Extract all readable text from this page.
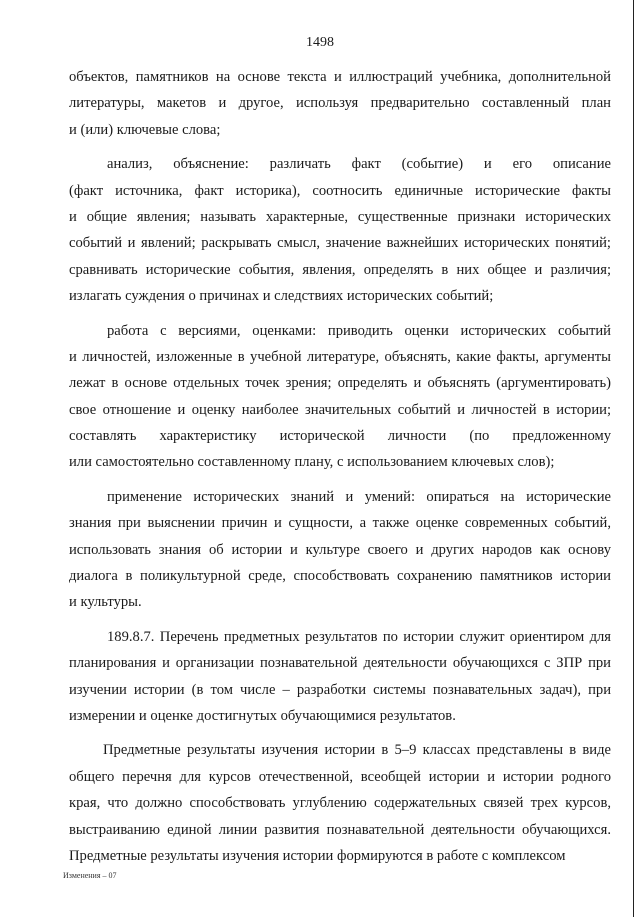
1498
объектов, памятников на основе текста и иллюстраций учебника, дополнительной
литературы, макетов и другое, используя предварительно составленный план
и (или) ключевые слова;
анализ, объяснение: различать факт (событие) и его описание
(факт источника, факт историка), соотносить единичные исторические факты
и общие явления; называть характерные, существенные признаки исторических
событий и явлений; раскрывать смысл, значение важнейших исторических понятий;
сравнивать исторические события, явления, определять в них общее и различия;
излагать суждения о причинах и следствиях исторических событий;
работа с версиями, оценками: приводить оценки исторических событий
и личностей, изложенные в учебной литературе, объяснять, какие факты, аргументы
лежат в основе отдельных точек зрения; определять и объяснять (аргументировать)
свое отношение и оценку наиболее значительных событий и личностей в истории;
составлять характеристику исторической личности (по предложенному
или самостоятельно составленному плану, с использованием ключевых слов);
применение исторических знаний и умений: опираться на исторические
знания при выяснении причин и сущности, а также оценке современных событий,
использовать знания об истории и культуре своего и других народов как основу
диалога в поликультурной среде, способствовать сохранению памятников истории
и культуры.
189.8.7. Перечень предметных результатов по истории служит ориентиром для
планирования и организации познавательной деятельности обучающихся с ЗПР при
изучении истории (в том числе – разработки системы познавательных задач), при
измерении и оценке достигнутых обучающимися результатов.
Предметные результаты изучения истории в 5–9 классах представлены в виде
общего перечня для курсов отечественной, всеобщей истории и истории родного
края, что должно способствовать углублению содержательных связей трех курсов,
выстраиванию единой линии развития познавательной деятельности обучающихся.
Предметные результаты изучения истории формируются в работе с комплексом
Изменения – 07
